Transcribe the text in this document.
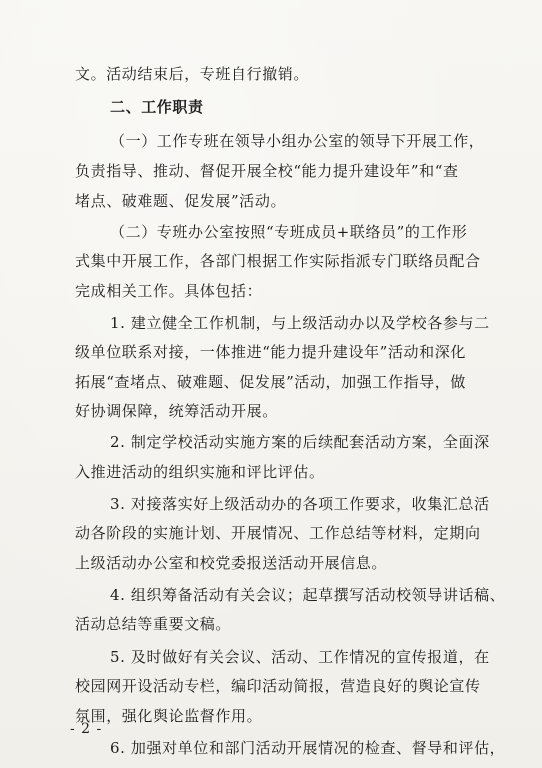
文。活动结束后，专班自行撤销。
二、工作职责
（一）工作专班在领导小组办公室的领导下开展工作，
负责指导、推动、督促开展全校“能力提升建设年”和“查
堵点、破难题、促发展”活动。
（二）专班办公室按照“专班成员+联络员”的工作形
式集中开展工作，各部门根据工作实际指派专门联络员配合
完成相关工作。具体包括：
1. 建立健全工作机制，与上级活动办以及学校各参与二
级单位联系对接，一体推进“能力提升建设年”活动和深化
拓展“查堵点、破难题、促发展”活动，加强工作指导，做
好协调保障，统筹活动开展。
2. 制定学校活动实施方案的后续配套活动方案，全面深
入推进活动的组织实施和评比评估。
3. 对接落实好上级活动办的各项工作要求，收集汇总活
动各阶段的实施计划、开展情况、工作总结等材料，定期向
上级活动办公室和校党委报送活动开展信息。
4. 组织筹备活动有关会议；起草撰写活动校领导讲话稿、
活动总结等重要文稿。
5. 及时做好有关会议、活动、工作情况的宣传报道，在
校园网开设活动专栏，编印活动简报，营造良好的舆论宣传
氛围，强化舆论监督作用。
6. 加强对单位和部门活动开展情况的检查、督导和评估，
- 2 -
